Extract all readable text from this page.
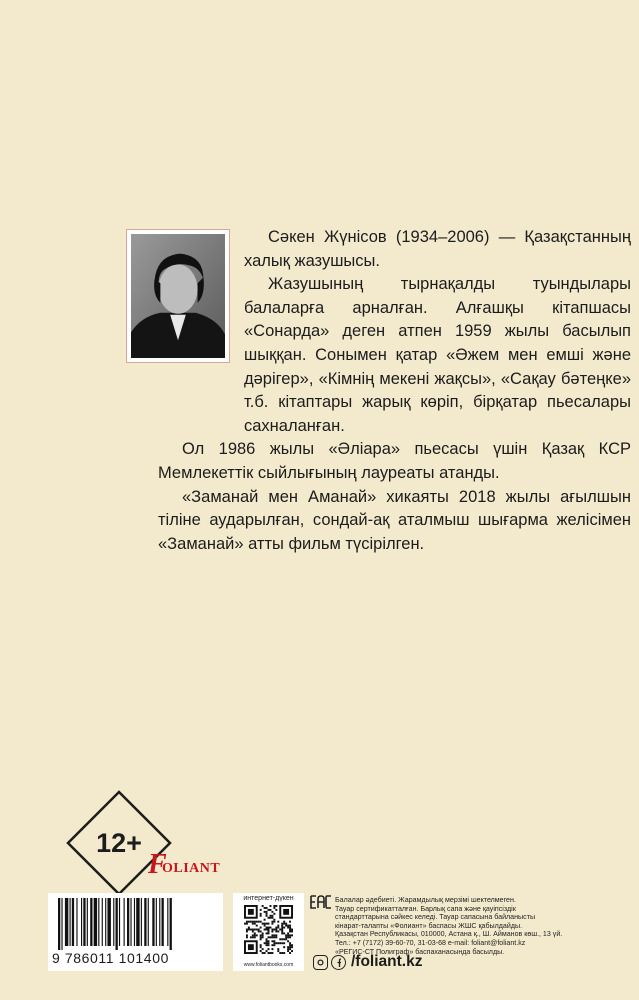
Сәкен Жүнісов (1934–2006) — Қазақстанның халық жазушысы.

Жазушының тырнақалды туындылары балаларға арналған. Алғашқы кітапшасы «Сонарда» деген атпен 1959 жылы басылып шыққан. Сонымен қатар «Әжем мен емші және дәрігер», «Кімнің мекені жақсы», «Сақау бәтеңке» т.б. кітаптары жарық көріп, бірқатар пьесалары сахналанған.

Ол 1986 жылы «Әліара» пьесасы үшін Қазақ КСР Мемлекеттік сыйлығының лауреаты атанды.

«Заманай мен Аманай» хикаяты 2018 жылы ағылшын тіліне аударылған, сондай-ақ аталмыш шығарма желісімен «Заманай» атты фильм түсірілген.

12+
F
OLIANT
9 786011 101400
интернет-дүкен
www.foliantbooks.com
Балалар әдебиеті. Жарамдылық мерзімі шектелмеген.
Тауар сертификатталған. Барлық сапа және қауіпсіздік
стандарттарына сәйкес келеді. Тауар сапасына байланысты
кінарат-талапты «Фолиант» баспасы ЖШС қабылдайды.
Қазақстан Республикасы, 010000, Астана қ., Ш. Айманов көш., 13 үй.
Тел.: +7 (7172) 39-60-70, 31-03-68 e-mail: foliant@foliant.kz
«РЕГИС-СТ Полиграф» баспаханасында басылды.
/foliant.kz
